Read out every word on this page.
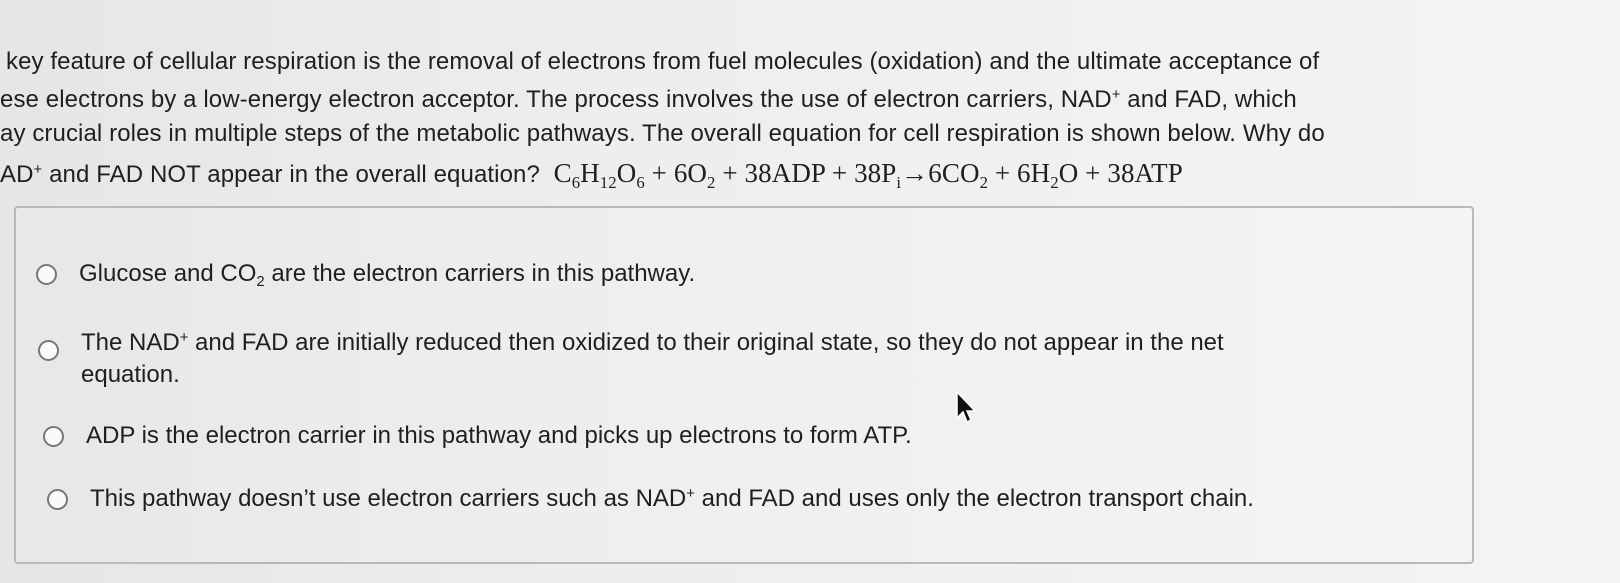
key feature of cellular respiration is the removal of electrons from fuel molecules (oxidation) and the ultimate acceptance of
ese electrons by a low-energy electron acceptor. The process involves the use of electron carriers, NAD+ and FAD, which
ay crucial roles in multiple steps of the metabolic pathways. The overall equation for cell respiration is shown below. Why do
AD+ and FAD NOT appear in the overall equation? $C_6H_{12}O_6 + 6O_2 + 38ADP + 38P_i\to 6CO_2 + 6H_2O + 38ATP$
Glucose and $CO_2$ are the electron carriers in this pathway.
The NAD+ and FAD are initially reduced then oxidized to their original state, so they do not appear in the net
equation.
ADP is the electron carrier in this pathway and picks up electrons to form ATP.
This pathway doesn’t use electron carriers such as NAD+ and FAD and uses only the electron transport chain.
